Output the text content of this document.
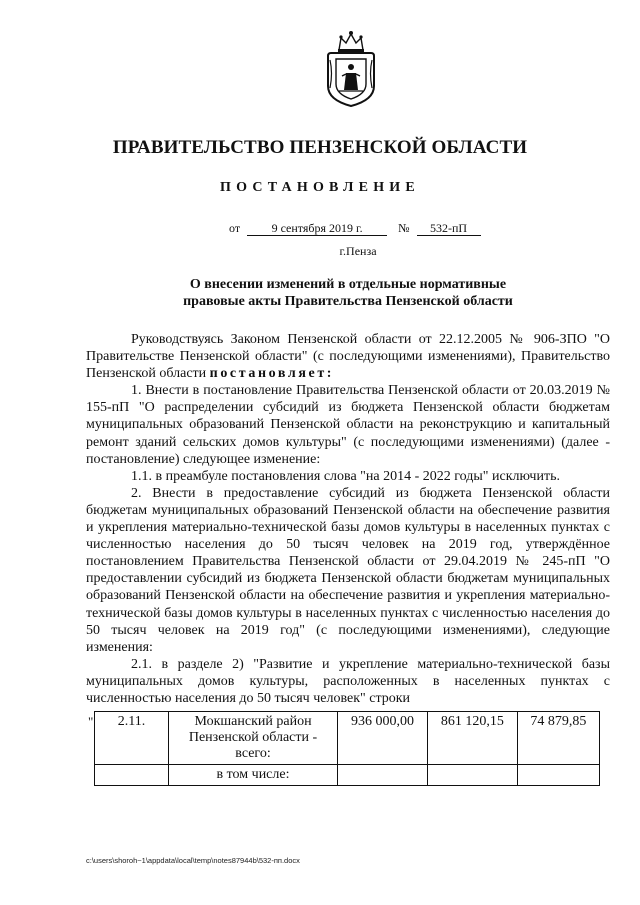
ПРАВИТЕЛЬСТВО ПЕНЗЕНСКОЙ ОБЛАСТИ
ПОСТАНОВЛЕНИЕ
от	9 сентября 2019 г.	№ 532-пП
г.Пенза
О внесении изменений в отдельные нормативные
правовые акты Правительства Пензенской области

Руководствуясь Законом Пензенской области от 22.12.2005 № 906-ЗПО "О Правительстве Пензенской области" (с последующими изменениями), Правительство Пензенской области постановляет:

1. Внести в постановление Правительства Пензенской области от 20.03.2019 № 155-пП "О распределении субсидий из бюджета Пензенской области бюджетам муниципальных образований Пензенской области на реконструкцию и капитальный ремонт зданий сельских домов культуры" (с последующими изменениями) (далее - постановление) следующее изменение:

1.1. в преамбуле постановления слова "на 2014 - 2022 годы" исключить.

2. Внести в предоставление субсидий из бюджета Пензенской области бюджетам муниципальных образований Пензенской области на обеспечение развития и укрепления материально-технической базы домов культуры в населенных пунктах с численностью населения до 50 тысяч человек на 2019 год, утверждённое постановлением Правительства Пензенской области от 29.04.2019 № 245-пП "О предоставлении субсидий из бюджета Пензенской области бюджетам муниципальных образований Пензенской области на обеспечение развития и укрепления материально-технической базы домов культуры в населенных пунктах с численностью населения до 50 тысяч человек на 2019 год" (с последующими изменениями), следующие изменения:

2.1. в разделе 2) "Развитие и укрепление материально-технической базы муниципальных домов культуры, расположенных в населенных пунктах с численностью населения до 50 тысяч человек" строки

" 2.11.	Мокшанский район Пензенской области - всего:	936 000,00	861 120,15	74 879,85
	в том числе:			
c:\users\shoroh~1\appdata\local\temp\notes87944b\532-пп.docx
